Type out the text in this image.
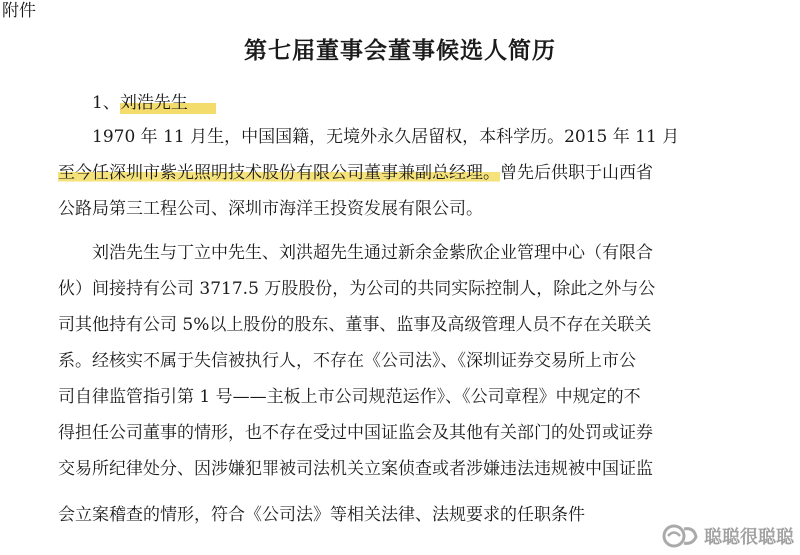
附件
第七届董事会董事候选人简历
1、刘浩先生
1970 年 11 月生，中国国籍，无境外永久居留权，本科学历。2015 年 11 月
至今任深圳市紫光照明技术股份有限公司董事兼副总经理。曾先后供职于山西省
公路局第三工程公司、深圳市海洋王投资发展有限公司。
刘浩先生与丁立中先生、刘洪超先生通过新余金紫欣企业管理中心（有限合
伙）间接持有公司 3717.5 万股股份，为公司的共同实际控制人，除此之外与公
司其他持有公司 5%以上股份的股东、董事、监事及高级管理人员不存在关联关
系。经核实不属于失信被执行人，不存在《公司法》、《深圳证券交易所上市公
司自律监管指引第 1 号——主板上市公司规范运作》、《公司章程》中规定的不
得担任公司董事的情形，也不存在受过中国证监会及其他有关部门的处罚或证券
交易所纪律处分、因涉嫌犯罪被司法机关立案侦查或者涉嫌违法违规被中国证监
会立案稽查的情形，符合《公司法》等相关法律、法规要求的任职条件
聪聪很聪聪
